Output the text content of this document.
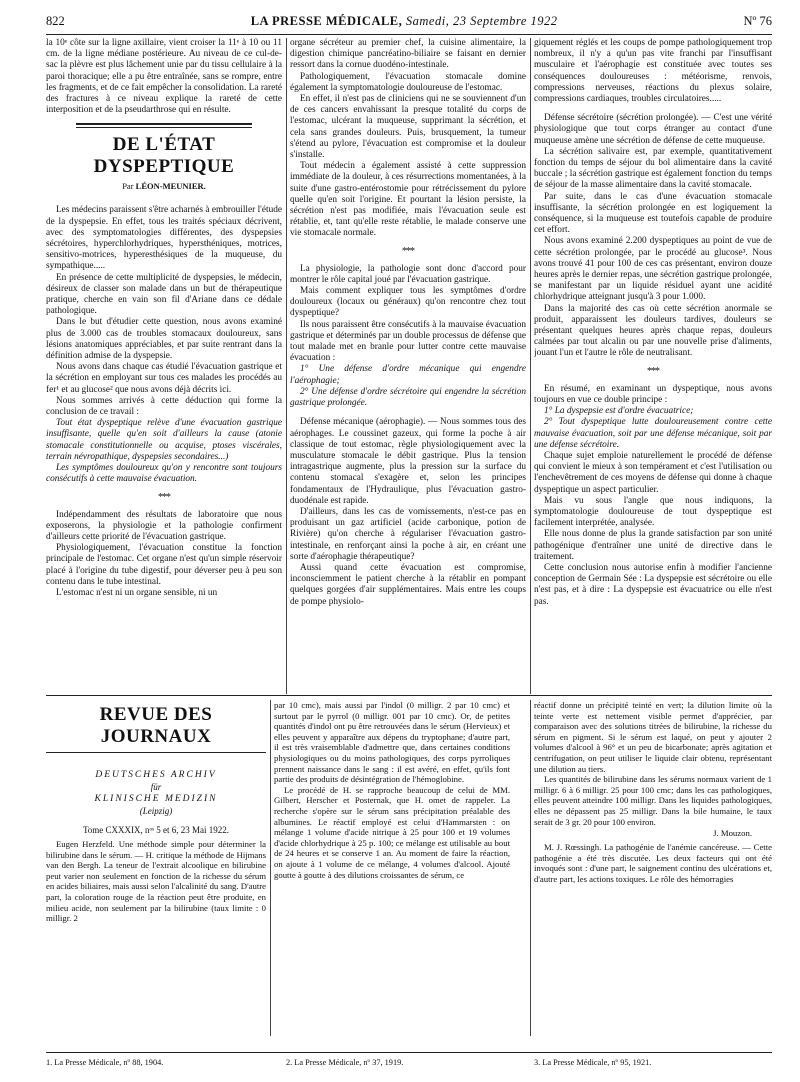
822	LA PRESSE MÉDICALE, Samedi, 23 Septembre 1922	Nº 76

la 10ᵉ côte sur la ligne axillaire, vient croiser la 11ᵉ à 10 ou 11 cm. de la ligne médiane postérieure. Au niveau de ce cul-de-sac la plèvre est plus lâchement unie par du tissu cellulaire à la paroi thoracique; elle a pu être entraînée, sans se rompre, entre les fragments, et de ce fait empêcher la consolidation. La rareté des fractures à ce niveau explique la rareté de cette interposition et de la pseudarthrose qui en résulte.

DE L'ÉTAT DYSPEPTIQUE
Par LÉON-MEUNIER.

Les médecins paraissent s'être acharnés à embrouiller l'étude de la dyspepsie. En effet, tous les traités spéciaux décrivent, avec des symptomatologies différentes, des dyspepsies sécrétoires, hyperchlorhydriques, hypersthéniques, motrices, sensitivo-motrices, hyperesthésiques de la muqueuse, du sympathique.....

En présence de cette multiplicité de dyspepsies, le médecin, désireux de classer son malade dans un but de thérapeutique pratique, cherche en vain son fil d'Ariane dans ce dédale pathologique.

Dans le but d'étudier cette question, nous avons examiné plus de 3.000 cas de troubles stomacaux douloureux, sans lésions anatomiques appréciables, et par suite rentrant dans la définition admise de la dyspepsie.

Nous avons dans chaque cas étudié l'évacuation gastrique et la sécrétion en employant sur tous ces malades les procédés au fer¹ et au glucose² que nous avons déjà décrits ici.

Nous sommes arrivés à cette déduction qui forme la conclusion de ce travail :

Tout état dyspeptique relève d'une évacuation gastrique insuffisante, quelle qu'en soit d'ailleurs la cause (atonie stomacale constitutionnelle ou acquise, ptoses viscérales, terrain névropathique, dyspepsies secondaires...)

Les symptômes douloureux qu'on y rencontre sont toujours consécutifs à cette mauvaise évacuation.

***

Indépendamment des résultats de laboratoire que nous exposerons, la physiologie et la pathologie confirment d'ailleurs cette priorité de l'évacuation gastrique.

Physiologiquement, l'évacuation constitue la fonction principale de l'estomac. Cet organe n'est qu'un simple réservoir placé à l'origine du tube digestif, pour déverser peu à peu son contenu dans le tube intestinal.

L'estomac n'est ni un organe sensible, ni un

organe sécréteur au premier chef, la cuisine alimentaire, la digestion chimique pancréatino-biliaire se faisant en dernier ressort dans la cornue duodéno-intestinale.

Pathologiquement, l'évacuation stomacale domine également la symptomatologie douloureuse de l'estomac.

En effet, il n'est pas de cliniciens qui ne se souviennent d'un de ces cancers envahissant la presque totalité du corps de l'estomac, ulcérant la muqueuse, supprimant la sécrétion, et cela sans grandes douleurs. Puis, brusquement, la tumeur s'étend au pylore, l'évacuation est compromise et la douleur s'installe.

Tout médecin a également assisté à cette suppression immédiate de la douleur, à ces résurrections momentanées, à la suite d'une gastro-entérostomie pour rétrécissement du pylore quelle qu'en soit l'origine. Et pourtant la lésion persiste, la sécrétion n'est pas modifiée, mais l'évacuation seule est rétablie, et, tant qu'elle reste rétablie, le malade conserve une vie stomacale normale.

***

La physiologie, la pathologie sont donc d'accord pour montrer le rôle capital joué par l'évacuation gastrique.

Mais comment expliquer tous les symptômes d'ordre douloureux (locaux ou généraux) qu'on rencontre chez tout dyspeptique?

Ils nous paraissent être consécutifs à la mauvaise évacuation gastrique et déterminés par un double processus de défense que tout malade met en branle pour lutter contre cette mauvaise évacuation :

1° Une défense d'ordre mécanique qui engendre l'aérophagie;

2° Une défense d'ordre sécrétoire qui engendre la sécrétion gastrique prolongée.

Défense mécanique (aérophagie). — Nous sommes tous des aérophages. Le coussinet gazeux, qui forme la poche à air classique de tout estomac, règle physiologiquement avec la musculature stomacale le débit gastrique. Plus la tension intragastrique augmente, plus la pression sur la surface du contenu stomacal s'exagère et, selon les principes fondamentaux de l'Hydraulique, plus l'évacuation gastro-duodénale est rapide.

D'ailleurs, dans les cas de vomissements, n'est-ce pas en produisant un gaz artificiel (acide carbonique, potion de Rivière) qu'on cherche à régulariser l'évacuation gastro-intestinale, en renforçant ainsi la poche à air, en créant une sorte d'aérophagie thérapeutique?

Aussi quand cette évacuation est compromise, inconsciemment le patient cherche à la rétablir en pompant quelques gorgées d'air supplémentaires. Mais entre les coups de pompe physiolo-

giquement réglés et les coups de pompe pathologiquement trop nombreux, il n'y a qu'un pas vite franchi par l'insuffisant musculaire et l'aérophagie est constituée avec toutes ses conséquences douloureuses : météorisme, renvois, compressions nerveuses, réactions du plexus solaire, compressions cardiaques, troubles circulatoires.....

Défense sécrétoire (sécrétion prolongée). — C'est une vérité physiologique que tout corps étranger au contact d'une muqueuse amène une sécrétion de défense de cette muqueuse.

La sécrétion salivaire est, par exemple, quantitativement fonction du temps de séjour du bol alimentaire dans la cavité buccale ; la sécrétion gastrique est également fonction du temps de séjour de la masse alimentaire dans la cavité stomacale.

Par suite, dans le cas d'une évacuation stomacale insuffisante, la sécrétion prolongée en est logiquement la conséquence, si la muqueuse est toutefois capable de produire cet effort.

Nous avons examiné 2.200 dyspeptiques au point de vue de cette sécrétion prolongée, par le procédé au glucose³. Nous avons trouvé 41 pour 100 de ces cas présentant, environ douze heures après le dernier repas, une sécrétion gastrique prolongée, se manifestant par un liquide résiduel ayant une acidité chlorhydrique atteignant jusqu'à 3 pour 1.000.

Dans la majorité des cas où cette sécrétion anormale se produit, apparaissent les douleurs tardives, douleurs se présentant quelques heures après chaque repas, douleurs calmées par tout alcalin ou par une nouvelle prise d'aliments, jouant l'un et l'autre le rôle de neutralisant.

***

En résumé, en examinant un dyspeptique, nous avons toujours en vue ce double principe :

1° La dyspepsie est d'ordre évacuatrice;

2° Tout dyspeptique lutte douloureusement contre cette mauvaise évacuation, soit par une défense mécanique, soit par une défense sécrétoire.

Chaque sujet emploie naturellement le procédé de défense qui convient le mieux à son tempérament et c'est l'utilisation ou l'enchevêtrement de ces moyens de défense qui donne à chaque dyspeptique un aspect particulier.

Mais vu sous l'angle que nous indiquons, la symptomatologie douloureuse de tout dyspeptique est facilement interprétée, analysée.

Elle nous donne de plus la grande satisfaction par son unité pathogénique d'entraîner une unité de directive dans le traitement.

Cette conclusion nous autorise enfin à modifier l'ancienne conception de Germain Sée : La dyspepsie est sécrétoire ou elle n'est pas, et à dire : La dyspepsie est évacuatrice ou elle n'est pas.

REVUE DES JOURNAUX
DEUTSCHES ARCHIV
für
KLINISCHE MEDIZIN
(Leipzig)
Tome CXXXIX, nᵒˢ 5 et 6, 23 Mai 1922.

Eugen Herzfeld. Une méthode simple pour déterminer la bilirubine dans le sérum. — H. critique la méthode de Hijmans van den Bergh. La teneur de l'extrait alcoolique en bilirubine peut varier non seulement en fonction de la richesse du sérum en acides biliaires, mais aussi selon l'alcalinité du sang. D'autre part, la coloration rouge de la réaction peut être produite, en milieu acide, non seulement par la bilirubine (taux limite : 0 milligr. 2

par 10 cmc), mais aussi par l'indol (0 milligr. 2 par 10 cmc) et surtout par le pyrrol (0 milligr. 001 par 10 cmc). Or, de petites quantités d'indol ont pu être retrouvées dans le sérum (Hervieux) et elles peuvent y apparaître aux dépens du tryptophane; d'autre part, il est très vraisemblable d'admettre que, dans certaines conditions physiologiques ou du moins pathologiques, des corps pyrroliques prennent naissance dans le sang : il est avéré, en effet, qu'ils font partie des produits de désintégration de l'hémoglobine.

Le procédé de H. se rapproche beaucoup de celui de MM. Gilbert, Herscher et Posternak, que H. omet de rappeler. La recherche s'opère sur le sérum sans précipitation préalable des albumines. Le réactif employé est celui d'Hammarsten : on mélange 1 volume d'acide nitrique à 25 pour 100 et 19 volumes d'acide chlorhydrique à 25 p. 100; ce mélange est utilisable au bout de 24 heures et se conserve 1 an. Au moment de faire la réaction, on ajoute à 1 volume de ce mélange, 4 volumes d'alcool. Ajouté goutte à goutte à des dilutions croissantes de sérum, ce

réactif donne un précipité teinté en vert; la dilution limite où la teinte verte est nettement visible permet d'apprécier, par comparaison avec des solutions titrées de bilirubine, la richesse du sérum en pigment. Si le sérum est laqué, on peut y ajouter 2 volumes d'alcool à 96° et un peu de bicarbonate; après agitation et centrifugation, on peut utiliser le liquide clair obtenu, représentant une dilution au tiers.

Les quantités de bilirubine dans les sérums normaux varient de 1 milligr. 6 à 6 milligr. 25 pour 100 cmc; dans les cas pathologiques, elles peuvent atteindre 100 milligr. Dans les liquides pathologiques, elles ne dépassent pas 25 milligr. Dans la bile humaine, le taux serait de 3 gr. 20 pour 100 environ.

J. Mouzon.

M. J. Rœssingh. La pathogénie de l'anémie cancéreuse. — Cette pathogénie a été très discutée. Les deux facteurs qui ont été invoqués sont : d'une part, le saignement continu des ulcérations et, d'autre part, les actions toxiques. Le rôle des hémorragies

1. La Presse Médicale, nº 88, 1904.	2. La Presse Médicale, nº 37, 1919.	3. La Presse Médicale, nº 95, 1921.
